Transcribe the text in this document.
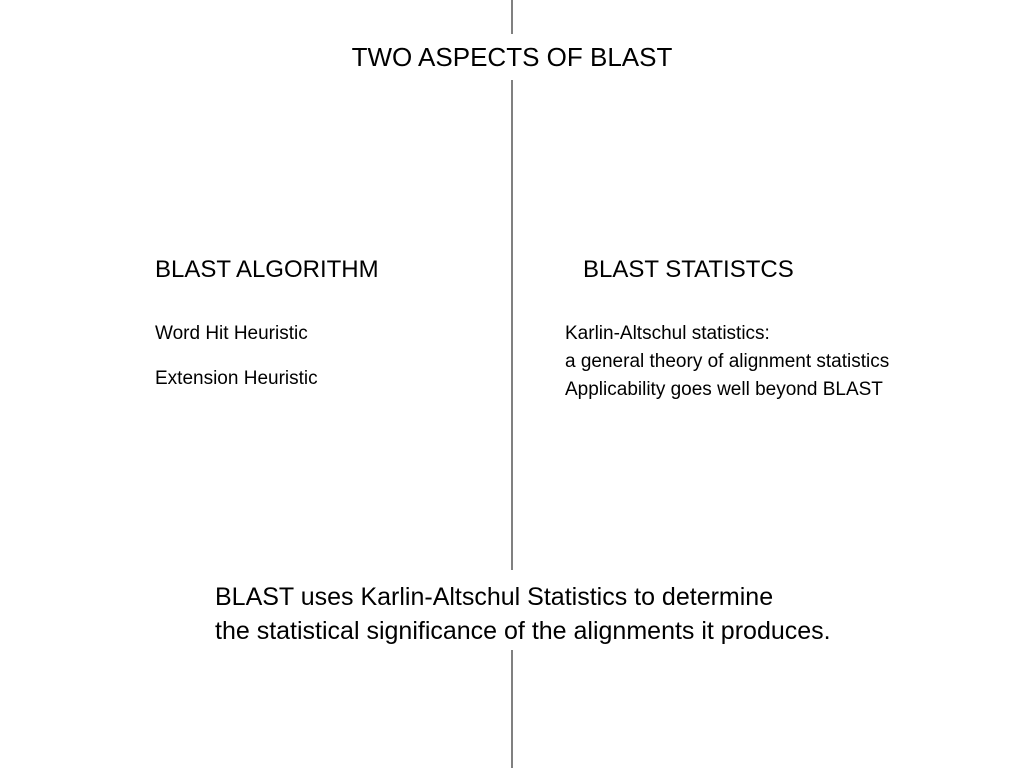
TWO ASPECTS OF BLAST
BLAST ALGORITHM	BLAST STATISTCS
Word Hit Heuristic
Extension Heuristic
Karlin-Altschul statistics:
a general theory of alignment statistics
Applicability goes well beyond BLAST
BLAST uses Karlin-Altschul Statistics to determine
the statistical significance of the alignments it produces.
